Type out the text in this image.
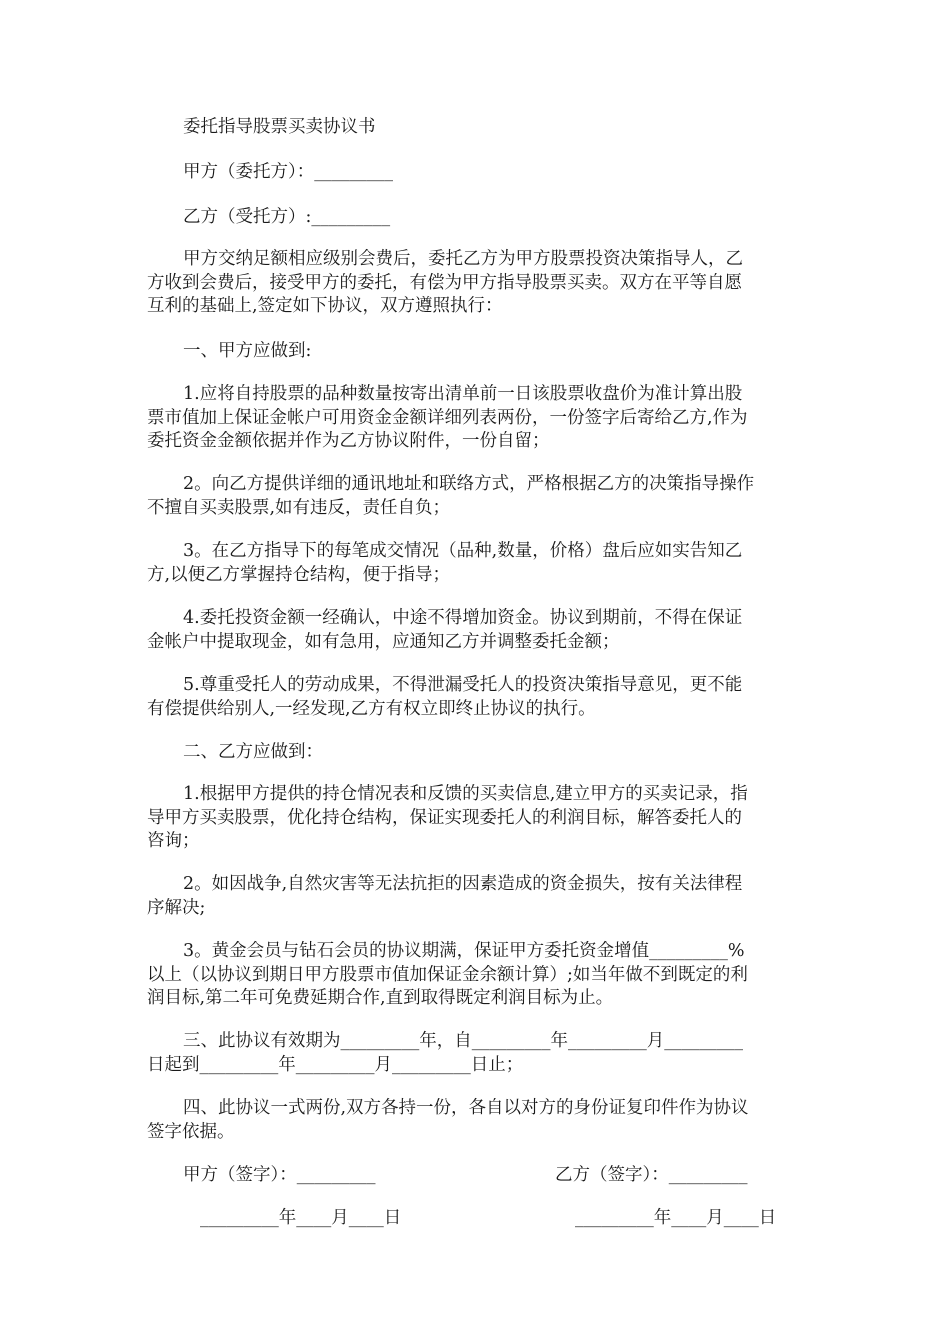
委托指导股票买卖协议书
甲方（委托方）：_________
乙方（受托方）:_________
甲方交纳足额相应级别会费后，委托乙方为甲方股票投资决策指导人，乙
方收到会费后，接受甲方的委托，有偿为甲方指导股票买卖。双方在平等自愿
互利的基础上,签定如下协议，双方遵照执行：
一、甲方应做到:
1.应将自持股票的品种数量按寄出清单前一日该股票收盘价为准计算出股
票市值加上保证金帐户可用资金金额详细列表两份，一份签字后寄给乙方,作为
委托资金金额依据并作为乙方协议附件，一份自留；
2。向乙方提供详细的通讯地址和联络方式，严格根据乙方的决策指导操作
不擅自买卖股票,如有违反，责任自负；
3。在乙方指导下的每笔成交情况（品种,数量，价格）盘后应如实告知乙
方,以便乙方掌握持仓结构，便于指导；
4.委托投资金额一经确认，中途不得增加资金。协议到期前，不得在保证
金帐户中提取现金，如有急用，应通知乙方并调整委托金额；
5.尊重受托人的劳动成果，不得泄漏受托人的投资决策指导意见，更不能
有偿提供给别人,一经发现,乙方有权立即终止协议的执行。
二、乙方应做到：
1.根据甲方提供的持仓情况表和反馈的买卖信息,建立甲方的买卖记录，指
导甲方买卖股票，优化持仓结构，保证实现委托人的利润目标，解答委托人的
咨询；
2。如因战争,自然灾害等无法抗拒的因素造成的资金损失，按有关法律程
序解决;
3。黄金会员与钻石会员的协议期满，保证甲方委托资金增值_________%
以上（以协议到期日甲方股票市值加保证金余额计算）;如当年做不到既定的利
润目标,第二年可免费延期合作,直到取得既定利润目标为止。
三、此协议有效期为_________年，自_________年_________月_________
日起到_________年_________月_________日止；
四、此协议一式两份,双方各持一份，各自以对方的身份证复印件作为协议
签字依据。
甲方（签字）：_________	乙方（签字）：_________
_________年____月____日	_________年____月____日
